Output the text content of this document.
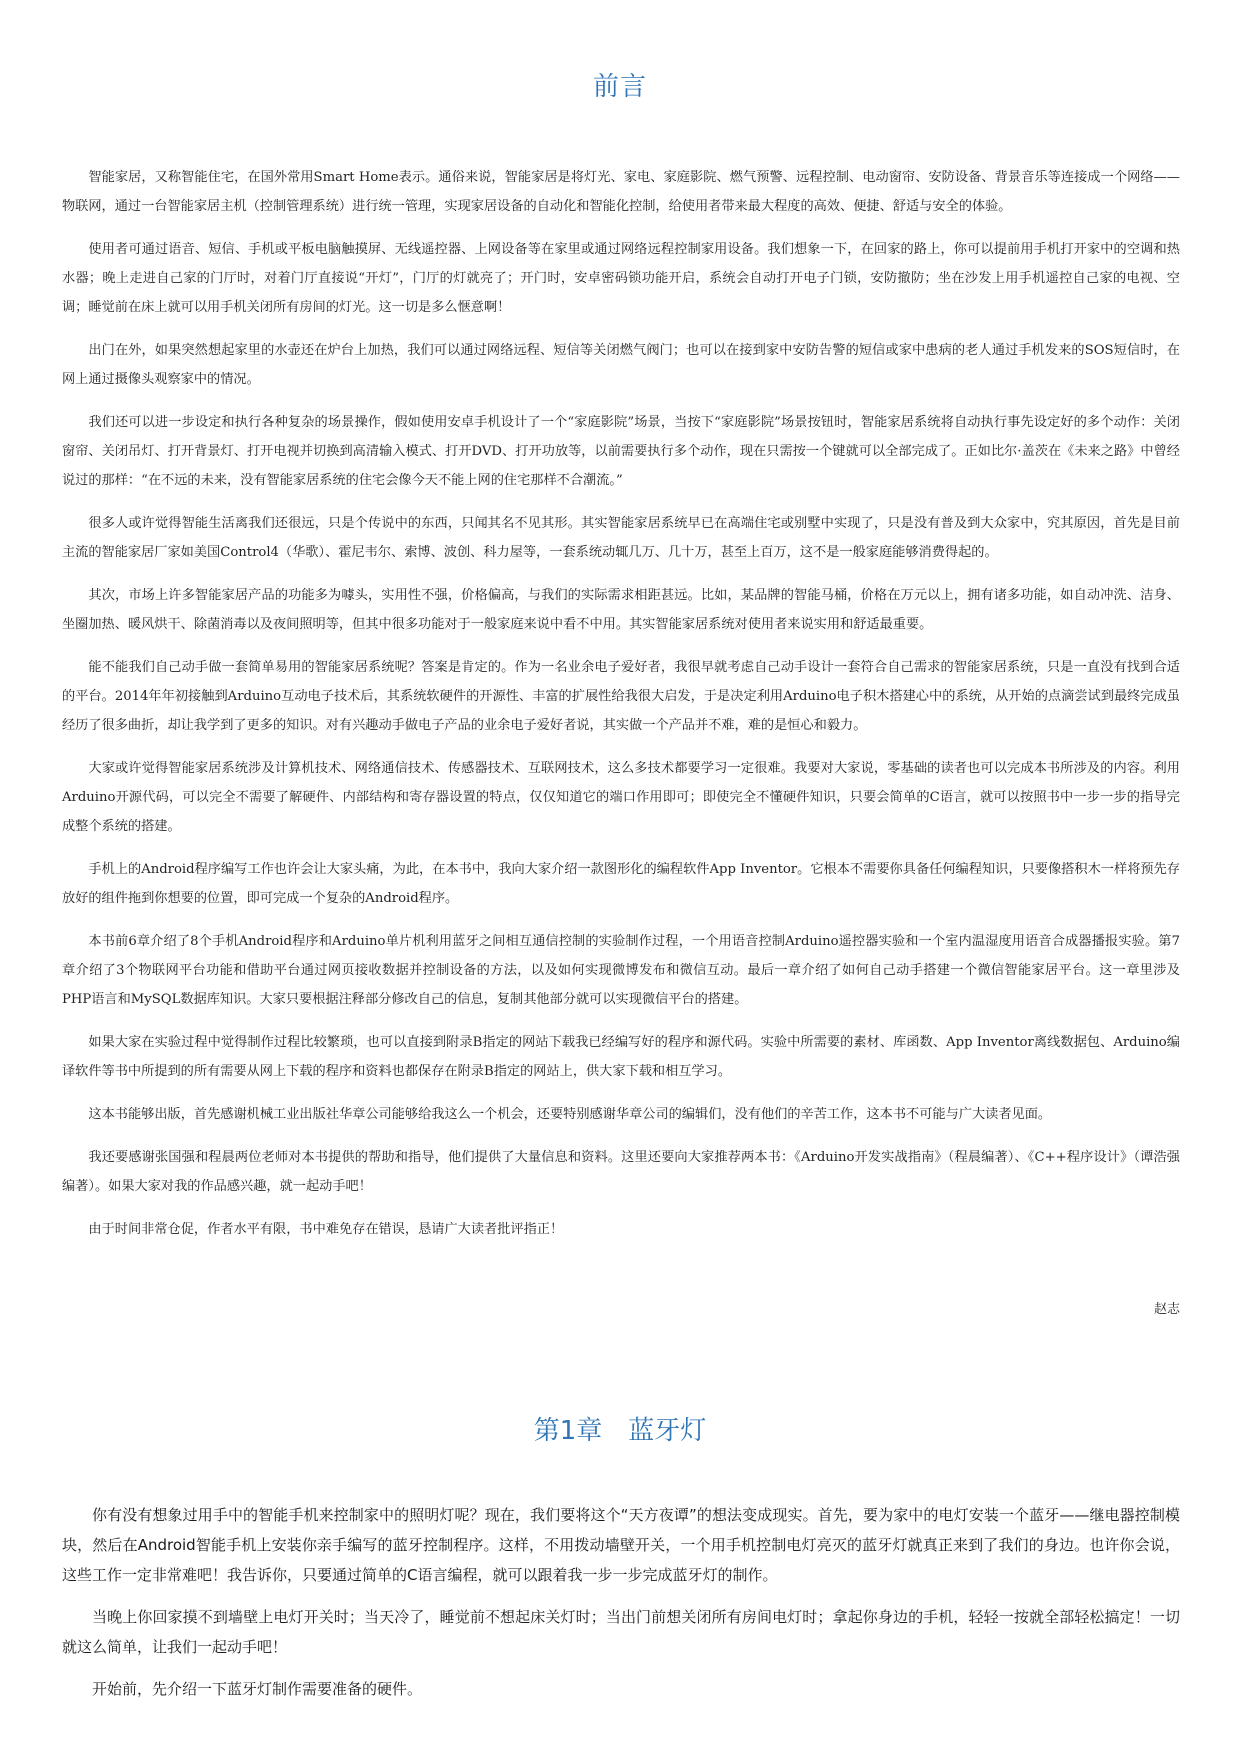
前言

智能家居，又称智能住宅，在国外常用Smart Home表示。通俗来说，智能家居是将灯光、家电、家庭影院、燃气预警、远程控制、电动窗帘、安防设备、背景音乐等连接成一个网络——物联网，通过一台智能家居主机（控制管理系统）进行统一管理，实现家居设备的自动化和智能化控制，给使用者带来最大程度的高效、便捷、舒适与安全的体验。

使用者可通过语音、短信、手机或平板电脑触摸屏、无线遥控器、上网设备等在家里或通过网络远程控制家用设备。我们想象一下，在回家的路上，你可以提前用手机打开家中的空调和热水器；晚上走进自己家的门厅时，对着门厅直接说“开灯”，门厅的灯就亮了；开门时，安卓密码锁功能开启，系统会自动打开电子门锁，安防撤防；坐在沙发上用手机遥控自己家的电视、空调；睡觉前在床上就可以用手机关闭所有房间的灯光。这一切是多么惬意啊！

出门在外，如果突然想起家里的水壶还在炉台上加热，我们可以通过网络远程、短信等关闭燃气阀门；也可以在接到家中安防告警的短信或家中患病的老人通过手机发来的SOS短信时，在网上通过摄像头观察家中的情况。

我们还可以进一步设定和执行各种复杂的场景操作，假如使用安卓手机设计了一个“家庭影院”场景，当按下“家庭影院”场景按钮时，智能家居系统将自动执行事先设定好的多个动作：关闭窗帘、关闭吊灯、打开背景灯、打开电视并切换到高清输入模式、打开DVD、打开功放等，以前需要执行多个动作，现在只需按一个键就可以全部完成了。正如比尔·盖茨在《未来之路》中曾经说过的那样：“在不远的未来，没有智能家居系统的住宅会像今天不能上网的住宅那样不合潮流。”

很多人或许觉得智能生活离我们还很远，只是个传说中的东西，只闻其名不见其形。其实智能家居系统早已在高端住宅或别墅中实现了，只是没有普及到大众家中，究其原因，首先是目前主流的智能家居厂家如美国Control4（华歌）、霍尼韦尔、索博、波创、科力屋等，一套系统动辄几万、几十万，甚至上百万，这不是一般家庭能够消费得起的。

其次，市场上许多智能家居产品的功能多为噱头，实用性不强，价格偏高，与我们的实际需求相距甚远。比如，某品牌的智能马桶，价格在万元以上，拥有诸多功能，如自动冲洗、洁身、坐圈加热、暖风烘干、除菌消毒以及夜间照明等，但其中很多功能对于一般家庭来说中看不中用。其实智能家居系统对使用者来说实用和舒适最重要。

能不能我们自己动手做一套简单易用的智能家居系统呢？答案是肯定的。作为一名业余电子爱好者，我很早就考虑自己动手设计一套符合自己需求的智能家居系统，只是一直没有找到合适的平台。2014年年初接触到Arduino互动电子技术后，其系统软硬件的开源性、丰富的扩展性给我很大启发，于是决定利用Arduino电子积木搭建心中的系统，从开始的点滴尝试到最终完成虽经历了很多曲折，却让我学到了更多的知识。对有兴趣动手做电子产品的业余电子爱好者说，其实做一个产品并不难，难的是恒心和毅力。

大家或许觉得智能家居系统涉及计算机技术、网络通信技术、传感器技术、互联网技术，这么多技术都要学习一定很难。我要对大家说，零基础的读者也可以完成本书所涉及的内容。利用Arduino开源代码，可以完全不需要了解硬件、内部结构和寄存器设置的特点，仅仅知道它的端口作用即可；即使完全不懂硬件知识，只要会简单的C语言，就可以按照书中一步一步的指导完成整个系统的搭建。

手机上的Android程序编写工作也许会让大家头痛，为此，在本书中，我向大家介绍一款图形化的编程软件App Inventor。它根本不需要你具备任何编程知识，只要像搭积木一样将预先存放好的组件拖到你想要的位置，即可完成一个复杂的Android程序。

本书前6章介绍了8个手机Android程序和Arduino单片机利用蓝牙之间相互通信控制的实验制作过程，一个用语音控制Arduino遥控器实验和一个室内温湿度用语音合成器播报实验。第7章介绍了3个物联网平台功能和借助平台通过网页接收数据并控制设备的方法，以及如何实现微博发布和微信互动。最后一章介绍了如何自己动手搭建一个微信智能家居平台。这一章里涉及PHP语言和MySQL数据库知识。大家只要根据注释部分修改自己的信息，复制其他部分就可以实现微信平台的搭建。

如果大家在实验过程中觉得制作过程比较繁琐，也可以直接到附录B指定的网站下载我已经编写好的程序和源代码。实验中所需要的素材、库函数、App Inventor离线数据包、Arduino编译软件等书中所提到的所有需要从网上下载的程序和资料也都保存在附录B指定的网站上，供大家下载和相互学习。

这本书能够出版，首先感谢机械工业出版社华章公司能够给我这么一个机会，还要特别感谢华章公司的编辑们，没有他们的辛苦工作，这本书不可能与广大读者见面。

我还要感谢张国强和程晨两位老师对本书提供的帮助和指导，他们提供了大量信息和资料。这里还要向大家推荐两本书：《Arduino开发实战指南》（程晨编著）、《C++程序设计》（谭浩强编著）。如果大家对我的作品感兴趣，就一起动手吧！

由于时间非常仓促，作者水平有限，书中难免存在错误，恳请广大读者批评指正！

赵志
第1章　蓝牙灯

你有没有想象过用手中的智能手机来控制家中的照明灯呢？现在，我们要将这个“天方夜谭”的想法变成现实。首先，要为家中的电灯安装一个蓝牙——继电器控制模块，然后在Android智能手机上安装你亲手编写的蓝牙控制程序。这样，不用拨动墙壁开关，一个用手机控制电灯亮灭的蓝牙灯就真正来到了我们的身边。也许你会说，这些工作一定非常难吧！我告诉你，只要通过简单的C语言编程，就可以跟着我一步一步完成蓝牙灯的制作。

当晚上你回家摸不到墙壁上电灯开关时；当天冷了，睡觉前不想起床关灯时；当出门前想关闭所有房间电灯时；拿起你身边的手机，轻轻一按就全部轻松搞定！一切就这么简单，让我们一起动手吧！

开始前，先介绍一下蓝牙灯制作需要准备的硬件。
